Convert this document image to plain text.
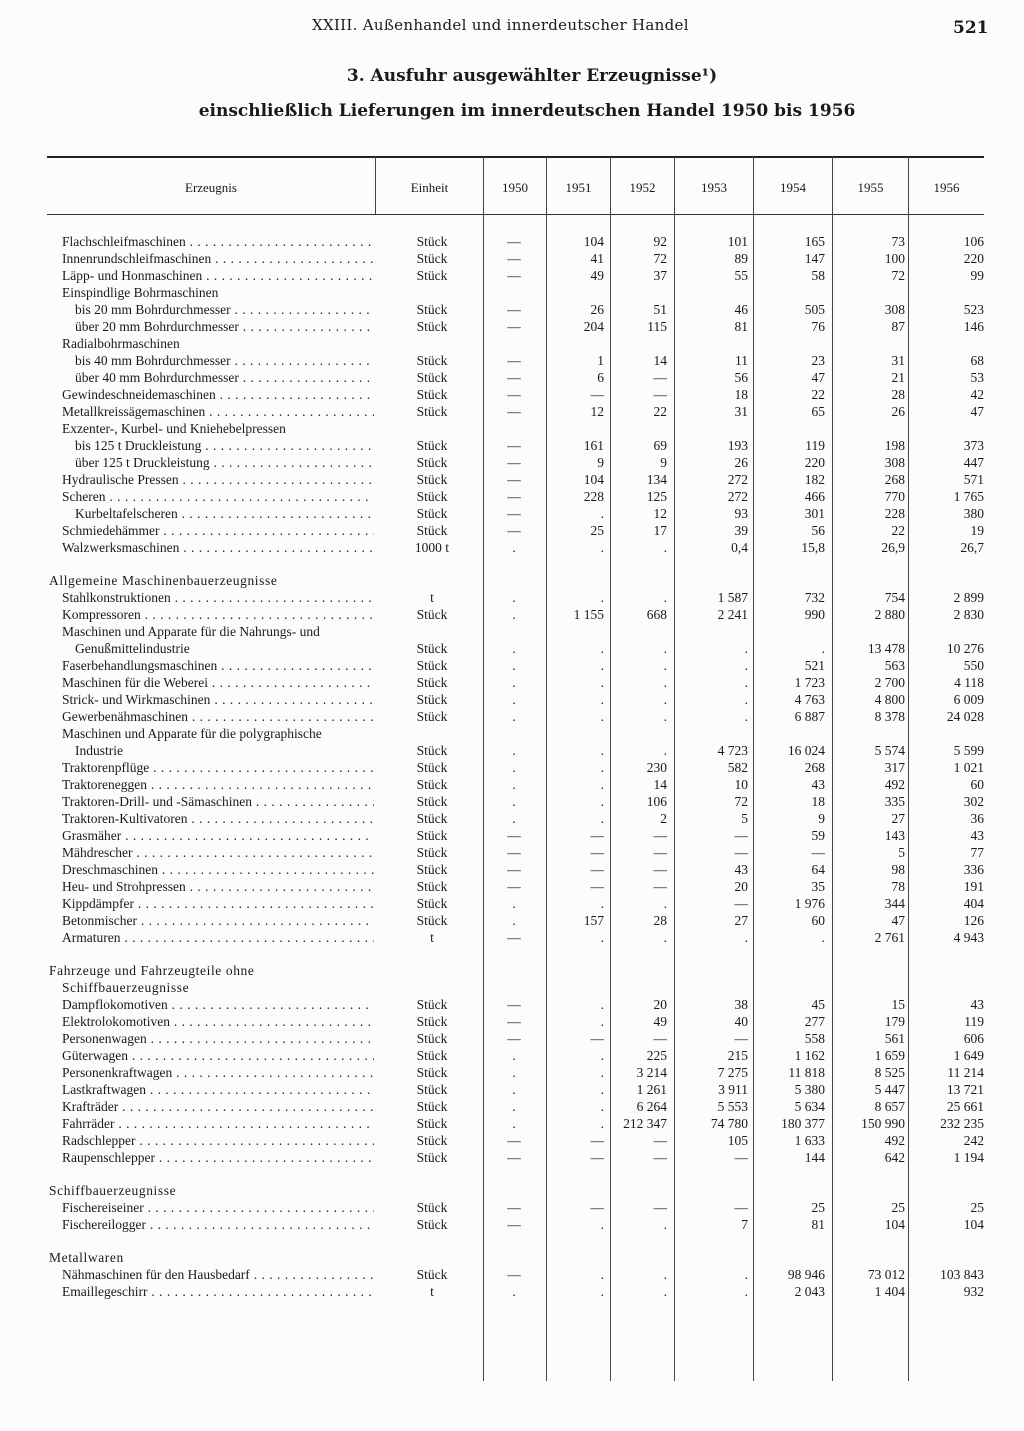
XXIII. Außenhandel und innerdeutscher Handel	521
3. Ausfuhr ausgewählter Erzeugnisse¹)
einschließlich Lieferungen im innerdeutschen Handel 1950 bis 1956
Erzeugnis	Einheit	1950	1951	1952	1953	1954	1955	1956
Flachschleifmaschinen . . .	Stück	—	104	92	101	165	73	106
Innenrundschleifmaschinen . . .	Stück	—	41	72	89	147	100	220
Läpp- und Honmaschinen . . .	Stück	—	49	37	55	58	72	99
Einspindlige Bohrmaschinen
bis 20 mm Bohrdurchmesser . . .	Stück	—	26	51	46	505	308	523
über 20 mm Bohrdurchmesser . . .	Stück	—	204	115	81	76	87	146
Radialbohrmaschinen
bis 40 mm Bohrdurchmesser . . .	Stück	—	1	14	11	23	31	68
über 40 mm Bohrdurchmesser . . .	Stück	—	6	—	56	47	21	53
Gewindeschneidemaschinen . . .	Stück	—	—	—	18	22	28	42
Metallkreissägemaschinen . . .	Stück	—	12	22	31	65	26	47
Exzenter-, Kurbel- und Kniehebelpressen
bis 125 t Druckleistung . . .	Stück	—	161	69	193	119	198	373
über 125 t Druckleistung . . .	Stück	—	9	9	26	220	308	447
Hydraulische Pressen . . .	Stück	—	104	134	272	182	268	571
Scheren . . .	Stück	—	228	125	272	466	770	1 765
Kurbeltafelscheren . . .	Stück	—	.	12	93	301	228	380
Schmiedehämmer . . .	Stück	—	25	17	39	56	22	19
Walzwerksmaschinen . . .	1000 t	.	.	.	0,4	15,8	26,9	26,7
Allgemeine Maschinenbauerzeugnisse
Stahlkonstruktionen . . .	t	.	.	.	1 587	732	754	2 899
Kompressoren . . .	Stück	.	1 155	668	2 241	990	2 880	2 830
Maschinen und Apparate für die Nahrungs- und
Genußmittelindustrie	Stück	.	.	.	.	.	13 478	10 276
Faserbehandlungsmaschinen . . .	Stück	.	.	.	.	521	563	550
Maschinen für die Weberei . . .	Stück	.	.	.	.	1 723	2 700	4 118
Strick- und Wirkmaschinen . . .	Stück	.	.	.	.	4 763	4 800	6 009
Gewerbenähmaschinen . . .	Stück	.	.	.	.	6 887	8 378	24 028
Maschinen und Apparate für die polygraphische
Industrie	Stück	.	.	.	4 723	16 024	5 574	5 599
Traktorenpflüge . . .	Stück	.	.	230	582	268	317	1 021
Traktoreneggen . . .	Stück	.	.	14	10	43	492	60
Traktoren-Drill- und -Sämaschinen . . .	Stück	.	.	106	72	18	335	302
Traktoren-Kultivatoren . . .	Stück	.	.	2	5	9	27	36
Grasmäher . . .	Stück	—	—	—	—	59	143	43
Mähdrescher . . .	Stück	—	—	—	—	—	5	77
Dreschmaschinen . . .	Stück	—	—	—	43	64	98	336
Heu- und Strohpressen . . .	Stück	—	—	—	20	35	78	191
Kippdämpfer . . .	Stück	.	.	.	—	1 976	344	404
Betonmischer . . .	Stück	.	157	28	27	60	47	126
Armaturen . . .	t	—	.	.	.	.	2 761	4 943
Fahrzeuge und Fahrzeugteile ohne
Schiffbauerzeugnisse
Dampflokomotiven . . .	Stück	—	.	20	38	45	15	43
Elektrolokomotiven . . .	Stück	—	.	49	40	277	179	119
Personenwagen . . .	Stück	—	—	—	—	558	561	606
Güterwagen . . .	Stück	.	.	225	215	1 162	1 659	1 649
Personenkraftwagen . . .	Stück	.	.	3 214	7 275	11 818	8 525	11 214
Lastkraftwagen . . .	Stück	.	.	1 261	3 911	5 380	5 447	13 721
Krafträder . . .	Stück	.	.	6 264	5 553	5 634	8 657	25 661
Fahrräder . . .	Stück	.	.	212 347	74 780	180 377	150 990	232 235
Radschlepper . . .	Stück	—	—	—	105	1 633	492	242
Raupenschlepper . . .	Stück	—	—	—	—	144	642	1 194
Schiffbauerzeugnisse
Fischereiseiner . . .	Stück	—	—	—	—	25	25	25
Fischereilogger . . .	Stück	—	.	.	7	81	104	104
Metallwaren
Nähmaschinen für den Hausbedarf . . .	Stück	—	.	.	.	98 946	73 012	103 843
Emaillegeschirr . . .	t	.	.	.	.	2 043	1 404	932
